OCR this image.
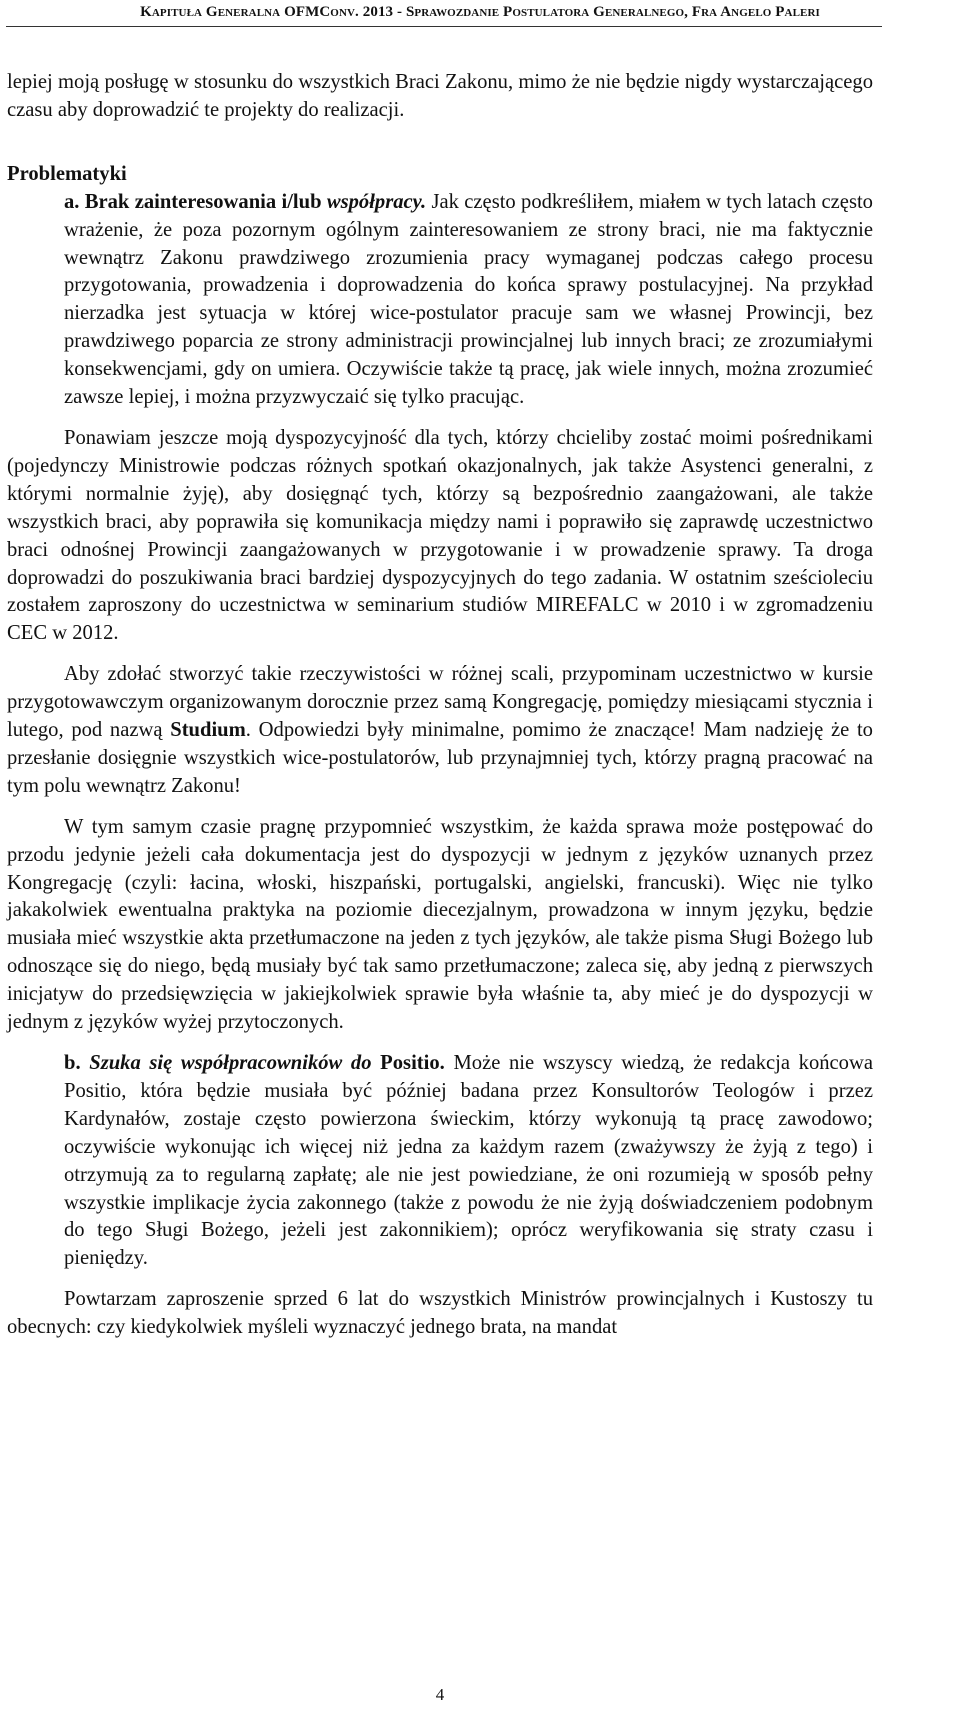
Kapituła Generalna OFMConv. 2013 - Sprawozdanie Postulatora Generalnego, Fra Angelo Paleri

lepiej moją posługę w stosunku do wszystkich Braci Zakonu, mimo że nie będzie nigdy wystarczającego czasu aby doprowadzić te projekty do realizacji.

Problematyki

a. Brak zainteresowania i/lub współpracy. Jak często podkreśliłem, miałem w tych latach często wrażenie, że poza pozornym ogólnym zainteresowaniem ze strony braci, nie ma faktycznie wewnątrz Zakonu prawdziwego zrozumienia pracy wymaganej podczas całego procesu przygotowania, prowadzenia i doprowadzenia do końca sprawy postulacyjnej. Na przykład nierzadka jest sytuacja w której wice-postulator pracuje sam we własnej Prowincji, bez prawdziwego poparcia ze strony administracji prowincjalnej lub innych braci; ze zrozumiałymi konsekwencjami, gdy on umiera. Oczywiście także tą pracę, jak wiele innych, można zrozumieć zawsze lepiej, i można przyzwyczaić się tylko pracując.

Ponawiam jeszcze moją dyspozycyjność dla tych, którzy chcieliby zostać moimi pośrednikami (pojedynczy Ministrowie podczas różnych spotkań okazjonalnych, jak także Asystenci generalni, z którymi normalnie żyję), aby dosięgnąć tych, którzy są bezpośrednio zaangażowani, ale także wszystkich braci, aby poprawiła się komunikacja między nami i poprawiło się zaprawdę uczestnictwo braci odnośnej Prowincji zaangażowanych w przygotowanie i w prowadzenie sprawy. Ta droga doprowadzi do poszukiwania braci bardziej dyspozycyjnych do tego zadania. W ostatnim sześcioleciu zostałem zaproszony do uczestnictwa w seminarium studiów MIREFALC w 2010 i w zgromadzeniu CEC w 2012.

Aby zdołać stworzyć takie rzeczywistości w różnej scali, przypominam uczestnictwo w kursie przygotowawczym organizowanym dorocznie przez samą Kongregację, pomiędzy miesiącami stycznia i lutego, pod nazwą Studium. Odpowiedzi były minimalne, pomimo że znaczące! Mam nadzieję że to przesłanie dosięgnie wszystkich wice-postulatorów, lub przynajmniej tych, którzy pragną pracować na tym polu wewnątrz Zakonu!

W tym samym czasie pragnę przypomnieć wszystkim, że każda sprawa może postępować do przodu jedynie jeżeli cała dokumentacja jest do dyspozycji w jednym z języków uznanych przez Kongregację (czyli: łacina, włoski, hiszpański, portugalski, angielski, francuski). Więc nie tylko jakakolwiek ewentualna praktyka na poziomie diecezjalnym, prowadzona w innym języku, będzie musiała mieć wszystkie akta przetłumaczone na jeden z tych języków, ale także pisma Sługi Bożego lub odnoszące się do niego, będą musiały być tak samo przetłumaczone; zaleca się, aby jedną z pierwszych inicjatyw do przedsięwzięcia w jakiejkolwiek sprawie była właśnie ta, aby mieć je do dyspozycji w jednym z języków wyżej przytoczonych.

b. Szuka się współpracowników do Positio. Może nie wszyscy wiedzą, że redakcja końcowa Positio, która będzie musiała być później badana przez Konsultorów Teologów i przez Kardynałów, zostaje często powierzona świeckim, którzy wykonują tą pracę zawodowo; oczywiście wykonując ich więcej niż jedna za każdym razem (zważywszy że żyją z tego) i otrzymują za to regularną zapłatę; ale nie jest powiedziane, że oni rozumieją w sposób pełny wszystkie implikacje życia zakonnego (także z powodu że nie żyją doświadczeniem podobnym do tego Sługi Bożego, jeżeli jest zakonnikiem); oprócz weryfikowania się straty czasu i pieniędzy.

Powtarzam zaproszenie sprzed 6 lat do wszystkich Ministrów prowincjalnych i Kustoszy tu obecnych: czy kiedykolwiek myśleli wyznaczyć jednego brata, na mandat

4
